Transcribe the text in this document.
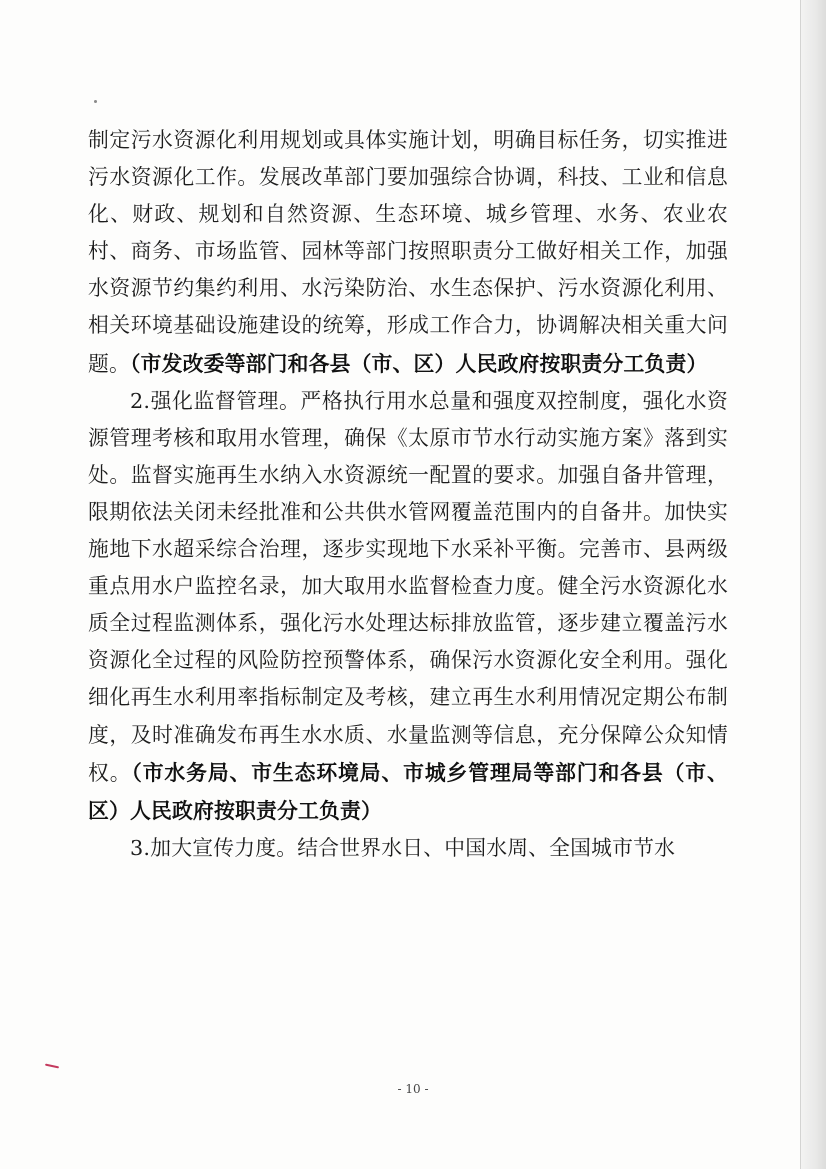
制定污水资源化利用规划或具体实施计划，明确目标任务，切实推进污水资源化工作。发展改革部门要加强综合协调，科技、工业和信息化、财政、规划和自然资源、生态环境、城乡管理、水务、农业农村、商务、市场监管、园林等部门按照职责分工做好相关工作，加强水资源节约集约利用、水污染防治、水生态保护、污水资源化利用、相关环境基础设施建设的统筹，形成工作合力，协调解决相关重大问题。（市发改委等部门和各县（市、区）人民政府按职责分工负责）

2.强化监督管理。严格执行用水总量和强度双控制度，强化水资源管理考核和取用水管理，确保《太原市节水行动实施方案》落到实处。监督实施再生水纳入水资源统一配置的要求。加强自备井管理，限期依法关闭未经批准和公共供水管网覆盖范围内的自备井。加快实施地下水超采综合治理，逐步实现地下水采补平衡。完善市、县两级重点用水户监控名录，加大取用水监督检查力度。健全污水资源化水质全过程监测体系，强化污水处理达标排放监管，逐步建立覆盖污水资源化全过程的风险防控预警体系，确保污水资源化安全利用。强化细化再生水利用率指标制定及考核，建立再生水利用情况定期公布制度，及时准确发布再生水水质、水量监测等信息，充分保障公众知情权。（市水务局、市生态环境局、市城乡管理局等部门和各县（市、区）人民政府按职责分工负责）

3.加大宣传力度。结合世界水日、中国水周、全国城市节水

- 10 -
